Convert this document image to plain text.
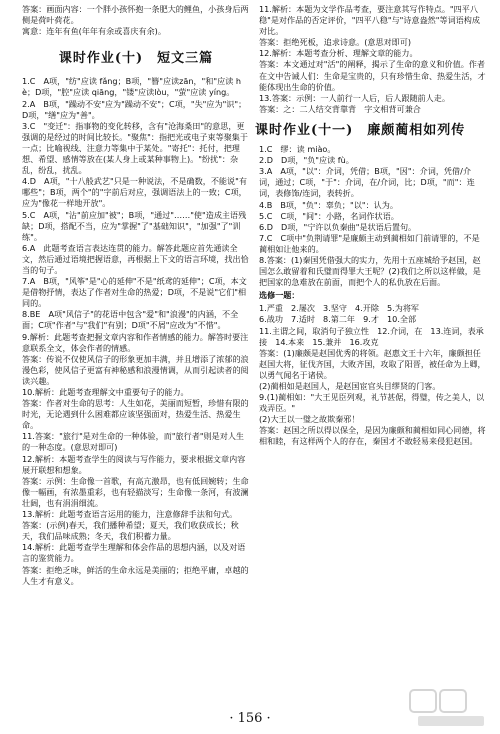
答案：画面内容：一个胖小孩怀抱一条肥大的鲤鱼，小孩身后两侧是荷叶荷花。

寓意：连年有鱼(年年有余或喜庆有余)。

课时作业(十)　短文三篇

1.C　A项，"纺"应读 fǎng；B项，"簪"应读zān，"和"应读 hè；D项，"腔"应读 qiāng，"镂"应读lòu，"萤"应读 yíng。

2.A　B项，"躁动不安"应为"躁动不安"；C项，"失"应为"识"；D项，"缮"应为"善"。

3.C　"变迁"：指事物的变化转移，含有"沧海桑田"的意思，更强调的是经过的时间比较长。"聚焦"：指把光或电子束等聚集于一点；比喻视线、注意力等集中于某处。"寄托"：托付，把理想、希望、感情等放在(某人身上或某种事物上)。"纷扰"：杂乱，纷乱，扰乱。

4.D　A项，"十八般武艺"只是一种说法，不是确数，不能说"有哪些"；B项，两个"的"字前后对应，强调语法上的一致；C项，应为"像花一样地开放"。

5.C　A项，"沾"前应加"被"；B项，"通过"……"使"造成主语残缺；D项，搭配不当，应为"掌握"了"基础知识"，"加强"了"训练"。

6.A　此题考查语言表达连贯的能力。解答此题应首先通读全文，然后通过语境把握语意，再根据上下文的语言环境，找出恰当的句子。

7.A　B项，"风筝"是"心的延伸"不是"纸鸢的延伸"；C项，本文是借物抒情，表达了作者对生命的热爱；D项，不是说"它们"相同的。

8.BE　A项"风信子"的花语中包含"爱"和"浪漫"的内涵，不全面；C项"作者"与"我们"有别；D项"不屑"应改为"不惜"。

9.解析：此题考查把握文章内容和作者情感的能力。解答时要注意联系全文，体会作者的情感。

答案：传说不仅使风信子的形象更加丰满，并且增添了浓郁的浪漫色彩，使风信子更富有神秘感和浪漫情调，从而引起读者的阅读兴趣。

10.解析：此题考查理解文中重要句子的能力。

答案：作者对生命的思考：人生如花，美丽而短暂，珍惜有限的时光，无论遇到什么困难都应该坚强面对，热爱生活、热爱生命。

11.答案："旅行"是对生命的一种体验，而"旅行者"则是对人生的一种态度。(意思对即可)

12.解析：本题考查学生的阅读与写作能力，要求根据文章内容展开联想和想象。

答案：示例：生命像一首歌，有高亢激昂，也有低回婉转；生命像一幅画，有浓墨重彩，也有轻描淡写；生命像一条河，有波澜壮阔，也有涓涓细流。

13.解析：此题考查语言运用的能力，注意修辞手法和句式。

答案：(示例)春天，我们播种希望；夏天，我们收获成长；秋天，我们品味成熟；冬天，我们积蓄力量。

14.解析：此题考查学生理解和体会作品的思想内涵，以及对语言的鉴赏能力。

答案：拒绝乏味，鲜活的生命永远是美丽的；拒绝平庸，卓越的人生才有意义。

11.解析：本题为文学作品考查，要注意其写作特点。"四平八稳"是对作品的否定评价，"四平八稳"与"诗意盎然"等词语构成对比。

答案：拒绝死板，追求诗意。(意思对即可)

12.解析：本题考查分析、理解文章的能力。

答案：本文通过对"活"的阐释，揭示了生命的意义和价值。作者在文中告诫人们：生命是宝贵的，只有珍惜生命、热爱生活，才能体现出生命的价值。

13.答案：示例：一人前行一人后，后人跟随前人走。

答案：之：二人结交背靠背　字文相背可兼合

课时作业(十一)　廉颇蔺相如列传

1.C　缪：读 miào。

2.D　D项，"负"应读 fù。

3.A　A项，"以"：介词，凭借；B项，"因"：介词，凭借/介词，通过；C项，"于"：介词，在/介词，比；D项，"而"：连词，表修饰/连词，表转折。

4.B　B项，"负"：辜负；"以"：认为。

5.C　C项，"间"：小路，名词作状语。

6.D　D项，"宁许以负秦曲"是状语后置句。

7.C　C项中"负荆请罪"是廉颇主动到蔺相如门前请罪的，不是蔺相如让他来的。

8.答案：(1)秦国凭借强大的实力，先用十五座城给予赵国，赵国怎么敢留着和氏璧而得罪大王呢？(2)我们之所以这样做，是把国家的急难放在前面，而把个人的私仇放在后面。

选修一题：

1.严重　2.屡次　3.坚守　4.开除　5.为将军

6.战功　7.适时　8.第二年　9.才　10.全部

11.主谓之间，取消句子独立性　12.介词，在　13.连词，表承接　14.本来　15.兼并　16.攻克

答案：(1)廉颇是赵国优秀的将领。赵惠文王十六年，廉颇担任赵国大将，征伐齐国，大败齐国，攻取了阳晋，被任命为上卿，以勇气闻名于诸侯。

(2)蔺相如是赵国人，是赵国宦官头目缪贤的门客。

9.(1)蔺相如："大王见臣列观，礼节甚倨，得璧，传之美人，以戏弄臣。"

(2)大王以一璧之故欺秦邪！

答案：赵国之所以得以保全，是因为廉颇和蔺相如同心同德，将相和睦，有这样两个人的存在，秦国才不敢轻易来侵犯赵国。

· 156 ·
